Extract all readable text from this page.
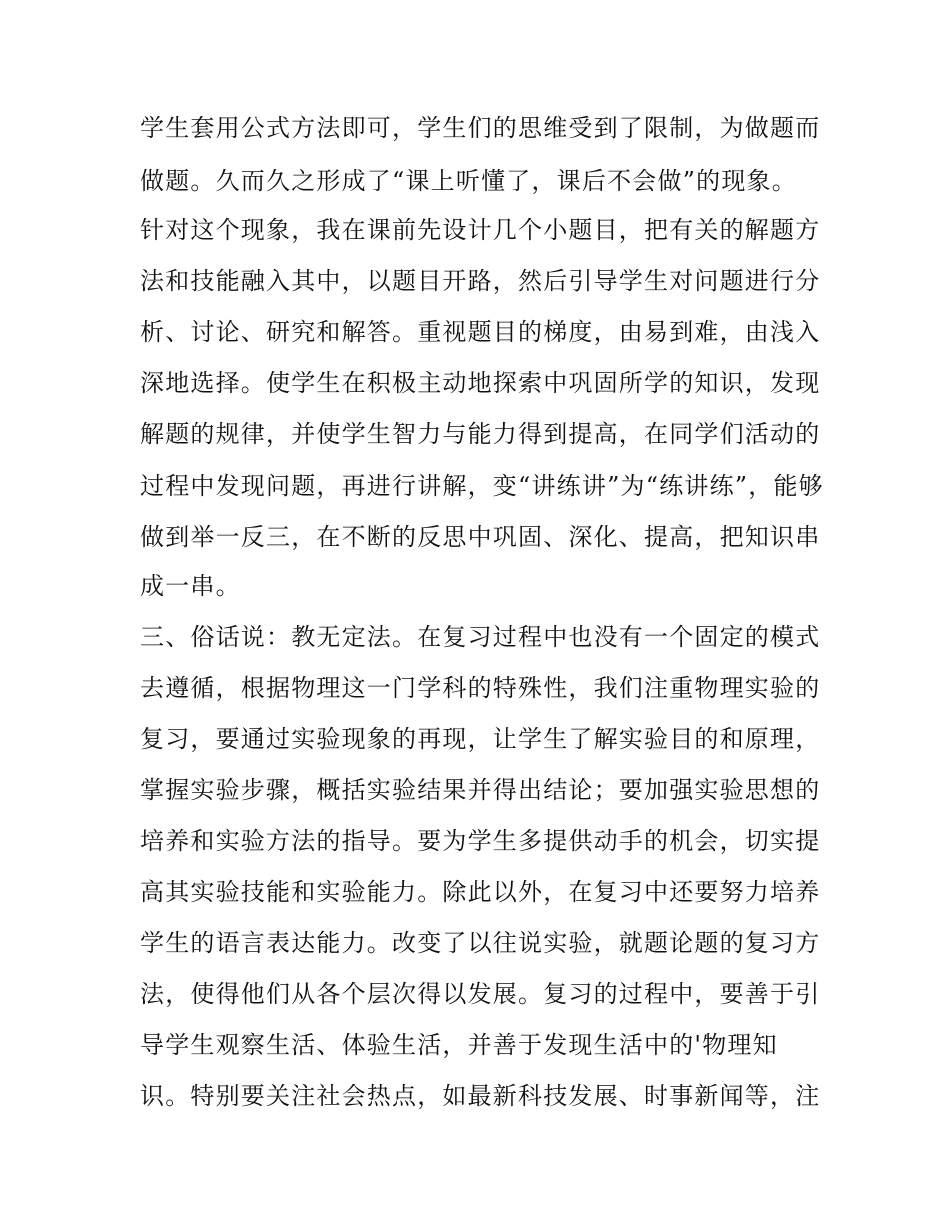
学生套用公式方法即可，学生们的思维受到了限制，为做题而
做题。久而久之形成了“课上听懂了，课后不会做”的现象。
针对这个现象，我在课前先设计几个小题目，把有关的解题方
法和技能融入其中，以题目开路，然后引导学生对问题进行分
析、讨论、研究和解答。重视题目的梯度，由易到难，由浅入
深地选择。使学生在积极主动地探索中巩固所学的知识，发现
解题的规律，并使学生智力与能力得到提高，在同学们活动的
过程中发现问题，再进行讲解，变“讲练讲”为“练讲练”，能够
做到举一反三，在不断的反思中巩固、深化、提高，把知识串
成一串。
三、俗话说：教无定法。在复习过程中也没有一个固定的模式
去遵循，根据物理这一门学科的特殊性，我们注重物理实验的
复习，要通过实验现象的再现，让学生了解实验目的和原理，
掌握实验步骤，概括实验结果并得出结论；要加强实验思想的
培养和实验方法的指导。要为学生多提供动手的机会，切实提
高其实验技能和实验能力。除此以外，在复习中还要努力培养
学生的语言表达能力。改变了以往说实验，就题论题的复习方
法，使得他们从各个层次得以发展。复习的过程中，要善于引
导学生观察生活、体验生活，并善于发现生活中的'物理知
识。特别要关注社会热点，如最新科技发展、时事新闻等，注
